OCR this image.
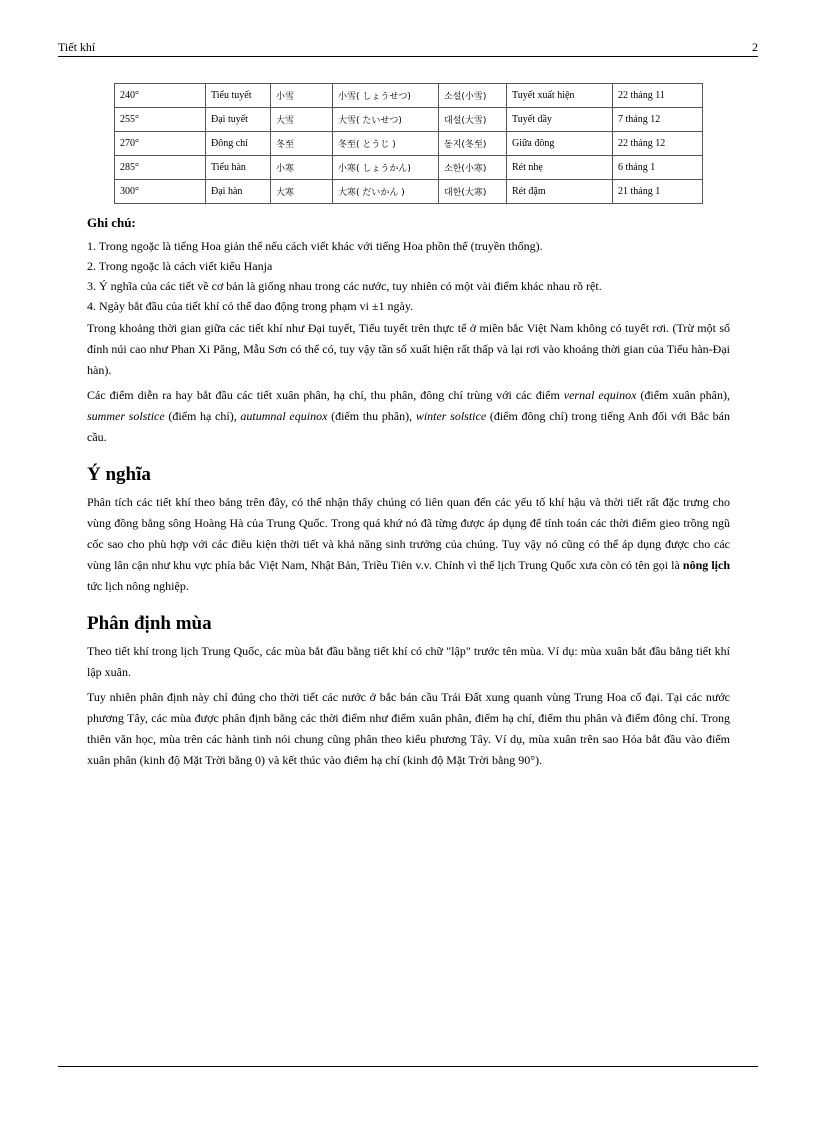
Tiết khí	2
240°	Tiểu tuyết	小雪	小雪( しょうせつ)	소설(小雪)	Tuyết xuất hiện	22 tháng 11
255°	Đại tuyết	大雪	大雪( たいせつ)	대설(大雪)	Tuyết dầy	7 tháng 12
270°	Đông chí	冬至	冬至( とうじ )	동지(冬至)	Giữa đông	22 tháng 12
285°	Tiểu hàn	小寒	小寒( しょうかん)	소한(小寒)	Rét nhẹ	6 tháng 1
300°	Đại hàn	大寒	大寒( だいかん )	대한(大寒)	Rét đậm	21 tháng 1
Ghi chú:
1. Trong ngoặc là tiếng Hoa giản thể nếu cách viết khác với tiếng Hoa phồn thể (truyền thống).
2. Trong ngoặc là cách viết kiểu Hanja
3. Ý nghĩa của các tiết về cơ bản là giống nhau trong các nước, tuy nhiên có một vài điểm khác nhau rõ rệt.
4. Ngày bắt đầu của tiết khí có thể dao động trong phạm vi ±1 ngày.

Trong khoảng thời gian giữa các tiết khí như Đại tuyết, Tiểu tuyết trên thực tế ở miền bắc Việt Nam không có tuyết rơi. (Trừ một số đỉnh núi cao như Phan Xi Păng, Mẫu Sơn có thể có, tuy vậy tần số xuất hiện rất thấp và lại rơi vào khoảng thời gian của Tiểu hàn-Đại hàn).

Các điểm diễn ra hay bắt đầu các tiết xuân phân, hạ chí, thu phân, đông chí trùng với các điểm vernal equinox (điểm xuân phân), summer solstice (điểm hạ chí), autumnal equinox (điểm thu phân), winter solstice (điểm đông chí) trong tiếng Anh đối với Bắc bán cầu.

Ý nghĩa

Phân tích các tiết khí theo bảng trên đây, có thể nhận thấy chúng có liên quan đến các yếu tố khí hậu và thời tiết rất đặc trưng cho vùng đồng bằng sông Hoàng Hà của Trung Quốc. Trong quá khứ nó đã từng được áp dụng để tính toán các thời điểm gieo trồng ngũ cốc sao cho phù hợp với các điều kiện thời tiết và khả năng sinh trưởng của chúng. Tuy vậy nó cũng có thể áp dụng được cho các vùng lân cận như khu vực phía bắc Việt Nam, Nhật Bản, Triều Tiên v.v. Chính vì thế lịch Trung Quốc xưa còn có tên gọi là nông lịch tức lịch nông nghiệp.

Phân định mùa

Theo tiết khí trong lịch Trung Quốc, các mùa bắt đầu bằng tiết khí có chữ "lập" trước tên mùa. Ví dụ: mùa xuân bắt đầu bằng tiết khí lập xuân.

Tuy nhiên phân định này chỉ đúng cho thời tiết các nước ở bắc bán cầu Trái Đất xung quanh vùng Trung Hoa cổ đại. Tại các nước phương Tây, các mùa được phân định bằng các thời điểm như điểm xuân phân, điểm hạ chí, điểm thu phân và điểm đông chí. Trong thiên văn học, mùa trên các hành tinh nói chung cũng phân theo kiểu phương Tây. Ví dụ, mùa xuân trên sao Hỏa bắt đầu vào điểm xuân phân (kinh độ Mặt Trời bằng 0) và kết thúc vào điểm hạ chí (kinh độ Mặt Trời bằng 90°).
